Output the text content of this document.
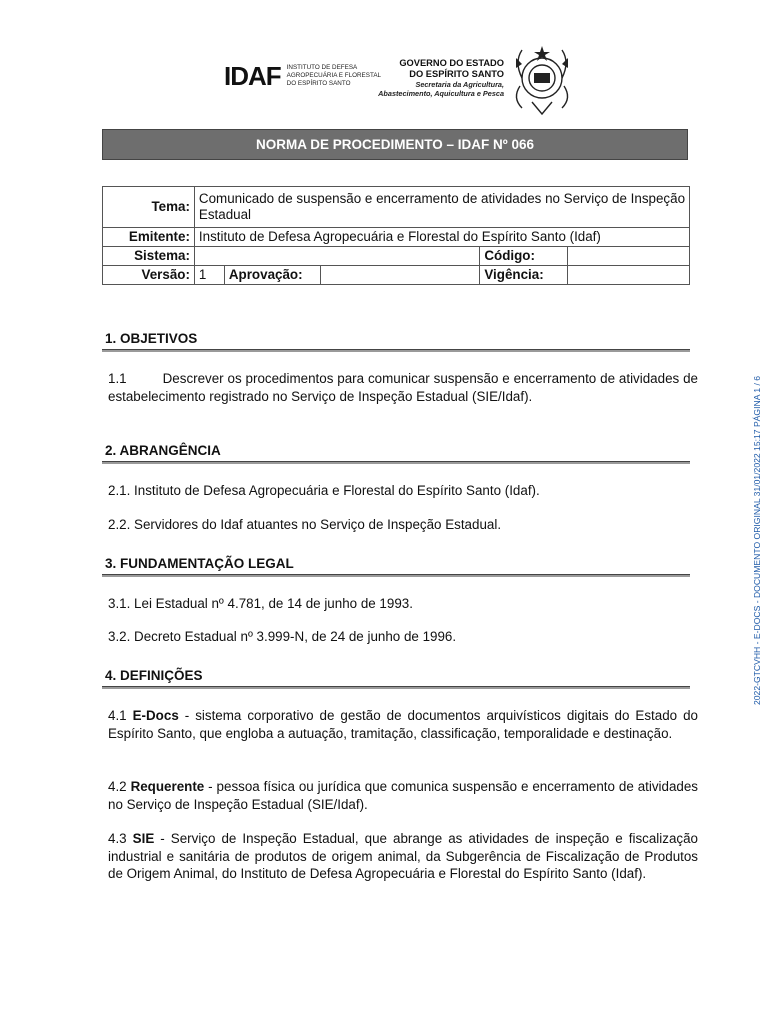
IDAF INSTITUTO DE DEFESA
AGROPECUÁRIA E FLORESTAL
DO ESPÍRITO SANTO
GOVERNO DO ESTADO
DO ESPÍRITO SANTO
Secretaria da Agricultura,
Abastecimento, Aquicultura e Pesca
NORMA DE PROCEDIMENTO – IDAF Nº 066
Tema:	Comunicado de suspensão e encerramento de atividades no Serviço de Inspeção Estadual				
Emitente:	Instituto de Defesa Agropecuária e Florestal do Espírito Santo (Idaf)				
Sistema:				Código:	
Versão:	1	Aprovação:		Vigência:	
1. OBJETIVOS
1.1	Descrever os procedimentos para comunicar suspensão e encerramento de atividades de estabelecimento registrado no Serviço de Inspeção Estadual (SIE/Idaf).
2. ABRANGÊNCIA
2.1. Instituto de Defesa Agropecuária e Florestal do Espírito Santo (Idaf).
2.2. Servidores do Idaf atuantes no Serviço de Inspeção Estadual.
3. FUNDAMENTAÇÃO LEGAL
3.1. Lei Estadual nº 4.781, de 14 de junho de 1993.
3.2. Decreto Estadual nº 3.999-N, de 24 de junho de 1996.
4. DEFINIÇÕES
4.1 E-Docs - sistema corporativo de gestão de documentos arquivísticos digitais do Estado do Espírito Santo, que engloba a autuação, tramitação, classificação, temporalidade e destinação.
4.2 Requerente - pessoa física ou jurídica que comunica suspensão e encerramento de atividades no Serviço de Inspeção Estadual (SIE/Idaf).
4.3 SIE - Serviço de Inspeção Estadual, que abrange as atividades de inspeção e fiscalização industrial e sanitária de produtos de origem animal, da Subgerência de Fiscalização de Produtos de Origem Animal, do Instituto de Defesa Agropecuária e Florestal do Espírito Santo (Idaf).
2022-GTCVHH - E-DOCS - DOCUMENTO ORIGINAL 31/01/2022 15:17 PÁGINA 1 / 6
